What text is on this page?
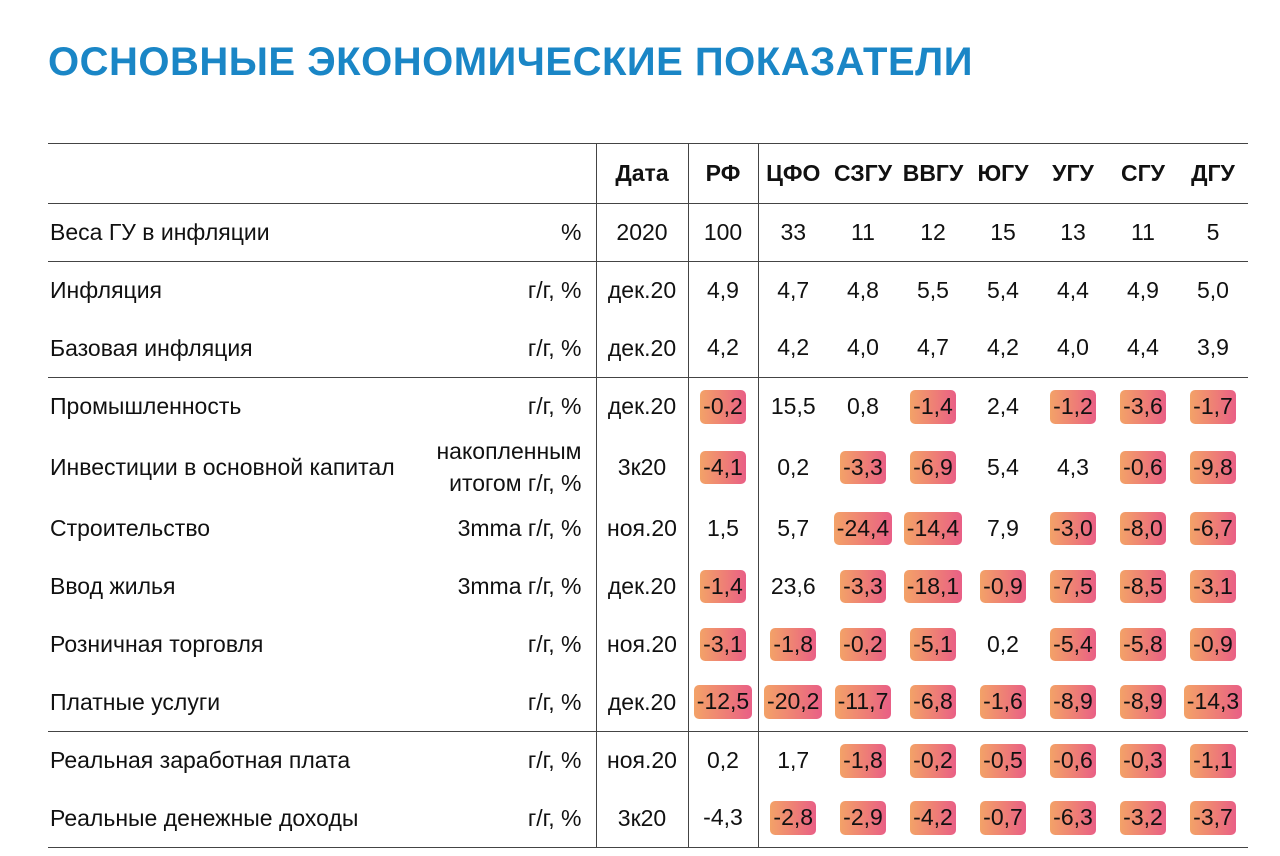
ОСНОВНЫЕ ЭКОНОМИЧЕСКИЕ ПОКАЗАТЕЛИ
		Дата	РФ	ЦФО	СЗГУ	ВВГУ	ЮГУ	УГУ	СГУ	ДГУ
Веса ГУ в инфляции	%	2020	100	33	11	12	15	13	11	5
Инфляция	г/г, %	дек.20	4,9	4,7	4,8	5,5	5,4	4,4	4,9	5,0
Базовая инфляция	г/г, %	дек.20	4,2	4,2	4,0	4,7	4,2	4,0	4,4	3,9
Промышленность	г/г, %	дек.20	-0,2	15,5	0,8	-1,4	2,4	-1,2	-3,6	-1,7
Инвестиции в основной капитал	накопленным итогом г/г, %	3к20	-4,1	0,2	-3,3	-6,9	5,4	4,3	-0,6	-9,8
Строительство	3mma г/г, %	ноя.20	1,5	5,7	-24,4	-14,4	7,9	-3,0	-8,0	-6,7
Ввод жилья	3mma г/г, %	дек.20	-1,4	23,6	-3,3	-18,1	-0,9	-7,5	-8,5	-3,1
Розничная торговля	г/г, %	ноя.20	-3,1	-1,8	-0,2	-5,1	0,2	-5,4	-5,8	-0,9
Платные услуги	г/г, %	дек.20	-12,5	-20,2	-11,7	-6,8	-1,6	-8,9	-8,9	-14,3
Реальная заработная плата	г/г, %	ноя.20	0,2	1,7	-1,8	-0,2	-0,5	-0,6	-0,3	-1,1
Реальные денежные доходы	г/г, %	3к20	-4,3	-2,8	-2,9	-4,2	-0,7	-6,3	-3,2	-3,7
